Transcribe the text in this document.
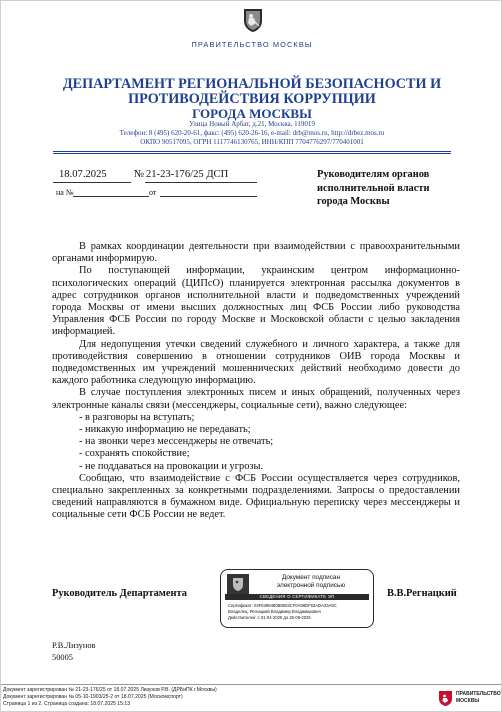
ПРАВИТЕЛЬСТВО МОСКВЫ
ДЕПАРТАМЕНТ РЕГИОНАЛЬНОЙ БЕЗОПАСНОСТИ И
ПРОТИВОДЕЙСТВИЯ КОРРУПЦИИ
ГОРОДА МОСКВЫ
Улица Новый Арбат, д.21, Москва, 119019
Телефон: 8 (495) 620-20-61, факс: (495) 620-26-16, e-mail: drb@mos.ru, http://drbez.mos.ru
ОКПО 90517095, ОГРН 1117746130765, ИНН/КПП 7704776297/770401001
18.07.2025	№ 21-23-176/25 ДСП
на №	от
Руководителям органов
исполнительной власти
города Москвы

В рамках координации деятельности при взаимодействии с правоохранительными органами информирую.

По поступающей информации, украинским центром информационно-психологических операций (ЦИПсО) планируется электронная рассылка документов в адрес сотрудников органов исполнительной власти и подведомственных учреждений города Москвы от имени высших должностных лиц ФСБ России либо руководства Управления ФСБ России по городу Москве и Московской области с целью закладения информацией.

Для недопущения утечки сведений служебного и личного характера, а также для противодействия совершению в отношении сотрудников ОИВ города Москвы и подведомственных им учреждений мошеннических действий необходимо довести до каждого работника следующую информацию.

В случае поступления электронных писем и иных обращений, полученных через электронные каналы связи (мессенджеры, социальные сети), важно следующее:

- в разговоры на вступать;

- никакую информацию не передавать;

- на звонки через мессенджеры не отвечать;

- сохранять спокойствие;

- не поддаваться на провокации и угрозы.

Сообщаю, что взаимодействие с ФСБ России осуществляется через сотрудников, специально закрепленных за конкретными подразделениями. Запросы о предоставлении сведений направляются в бумажном виде. Официальную переписку через мессенджеры и социальные сети ФСБ России не ведет.

Руководитель Департамента	В.В.Регнацкий
Документ подписан
электронной подписью
СВЕДЕНИЯ О СЕРТИФИКАТЕ ЭП
Сертификат: 03F6398480B8503CF0A98DF63ADA33A5C
Владелец: Регнацкий Владимир Владимирович
Действителен: с 01-04-2025 до 25-06-2026
Р.В.Лизунов
50005
Документ зарегистрирован № 21-23-176/25 от 18.07.2025 Лизунов Р.В. (ДРБиПК г.Москвы)
Документ зарегистрирован № 05-10-1903/25-2 от 18.07.2025 (Москомспорт)
Страница 1 из 2. Страница создана: 18.07.2025 15:13
ПРАВИТЕЛЬСТВО
МОСКВЫ
